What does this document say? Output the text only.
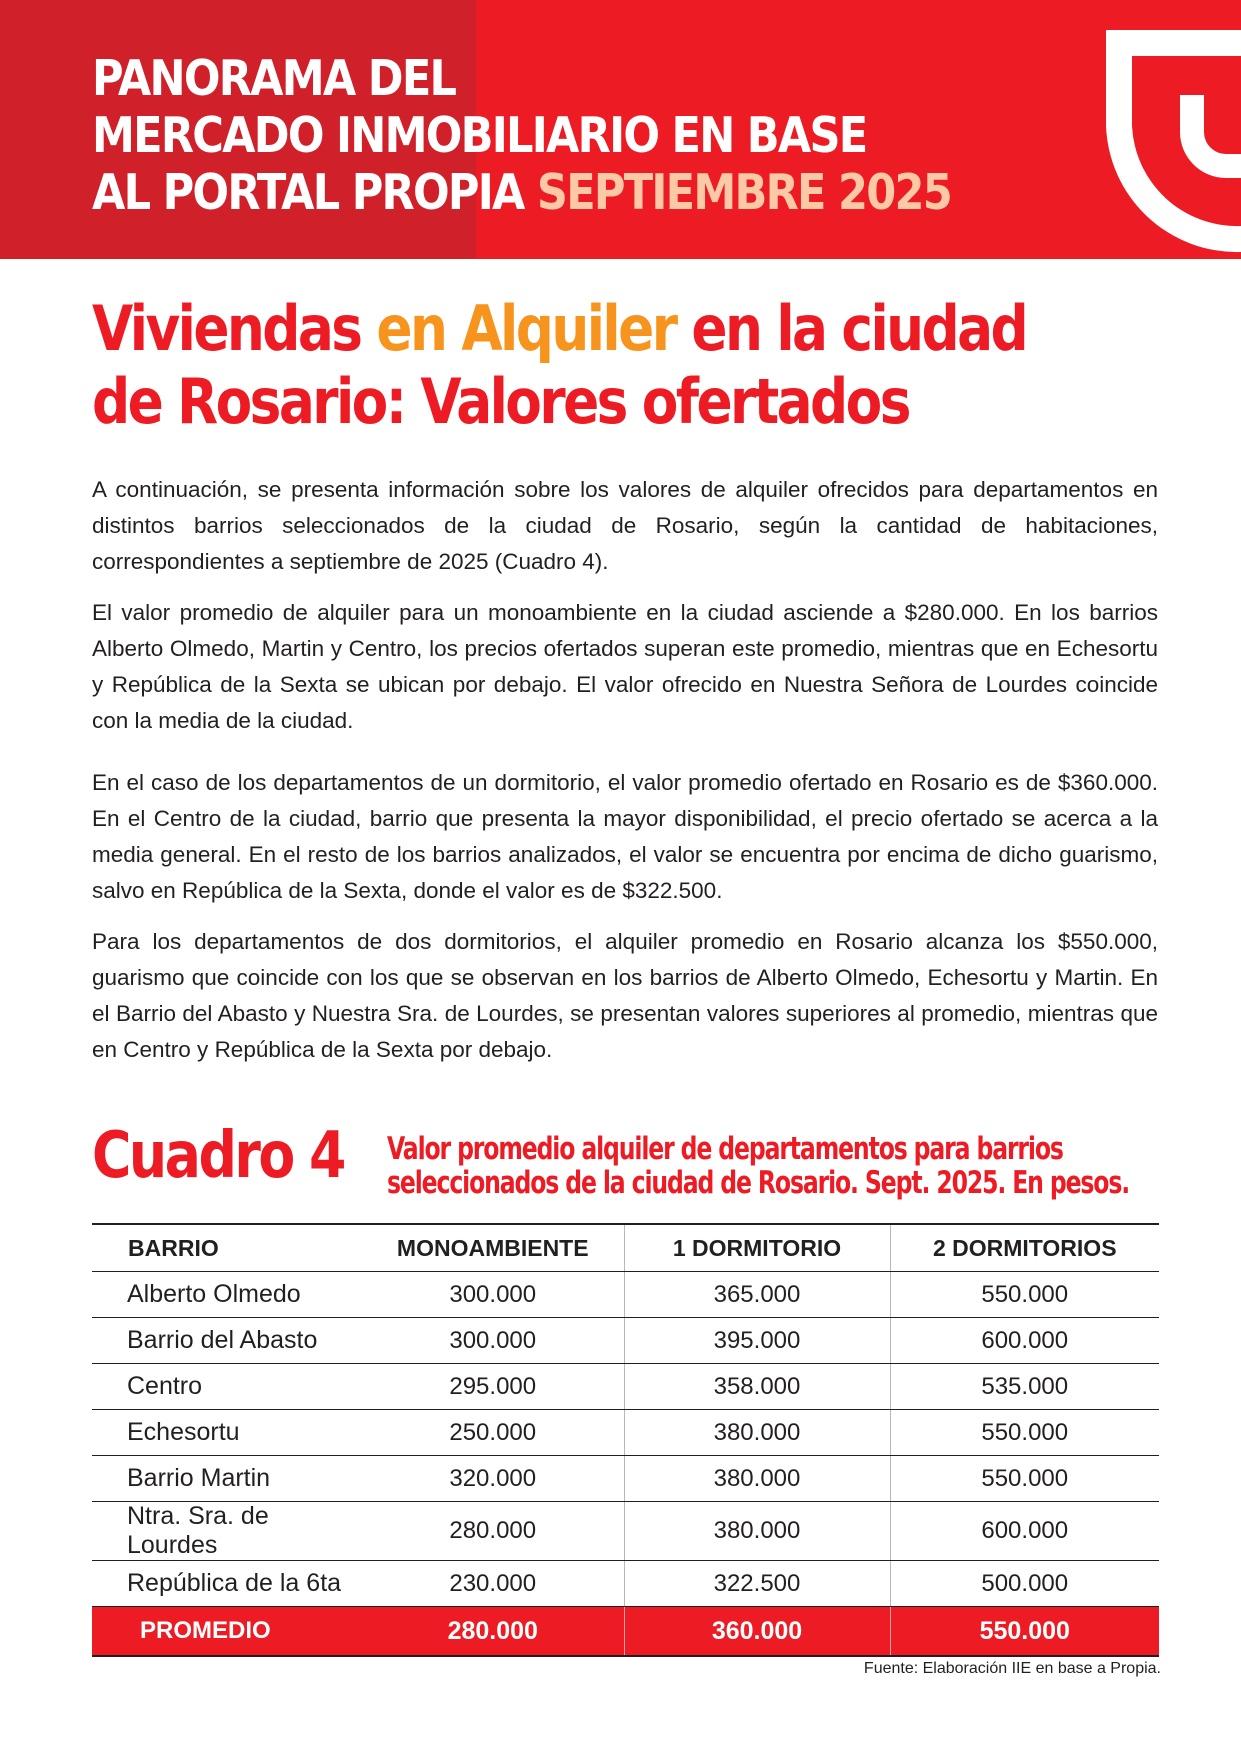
PANORAMA DEL
MERCADO INMOBILIARIO EN BASE
AL PORTAL PROPIA SEPTIEMBRE 2025
Viviendas en Alquiler en la ciudad
de Rosario: Valores ofertados

A continuación, se presenta información sobre los valores de alquiler ofrecidos para departamentos en distintos barrios seleccionados de la ciudad de Rosario, según la cantidad de habitaciones, correspondientes a septiembre de 2025 (Cuadro 4).

El valor promedio de alquiler para un monoambiente en la ciudad asciende a $280.000. En los barrios Alberto Olmedo, Martin y Centro, los precios ofertados superan este promedio, mientras que en Echesortu y República de la Sexta se ubican por debajo. El valor ofrecido en Nuestra Señora de Lourdes coincide con la media de la ciudad.

En el caso de los departamentos de un dormitorio, el valor promedio ofertado en Rosario es de $360.000. En el Centro de la ciudad, barrio que presenta la mayor disponibilidad, el precio ofertado se acerca a la media general. En el resto de los barrios analizados, el valor se encuentra por encima de dicho guarismo, salvo en República de la Sexta, donde el valor es de $322.500.

Para los departamentos de dos dormitorios, el alquiler promedio en Rosario alcanza los $550.000, guarismo que coincide con los que se observan en los barrios de Alberto Olmedo, Echesortu y Martin. En el Barrio del Abasto y Nuestra Sra. de Lourdes, se presentan valores superiores al promedio, mientras que en Centro y República de la Sexta por debajo.

Cuadro 4 Valor promedio alquiler de departamentos para barrios
seleccionados de la ciudad de Rosario. Sept. 2025. En pesos.
BARRIO	MONOAMBIENTE	1 DORMITORIO	2 DORMITORIOS
Alberto Olmedo	300.000	365.000	550.000
Barrio del Abasto	300.000	395.000	600.000
Centro	295.000	358.000	535.000
Echesortu	250.000	380.000	550.000
Barrio Martin	320.000	380.000	550.000
Ntra. Sra. de Lourdes	280.000	380.000	600.000
República de la 6ta	230.000	322.500	500.000
PROMEDIO	280.000	360.000	550.000
Fuente: Elaboración IIE en base a Propia.
